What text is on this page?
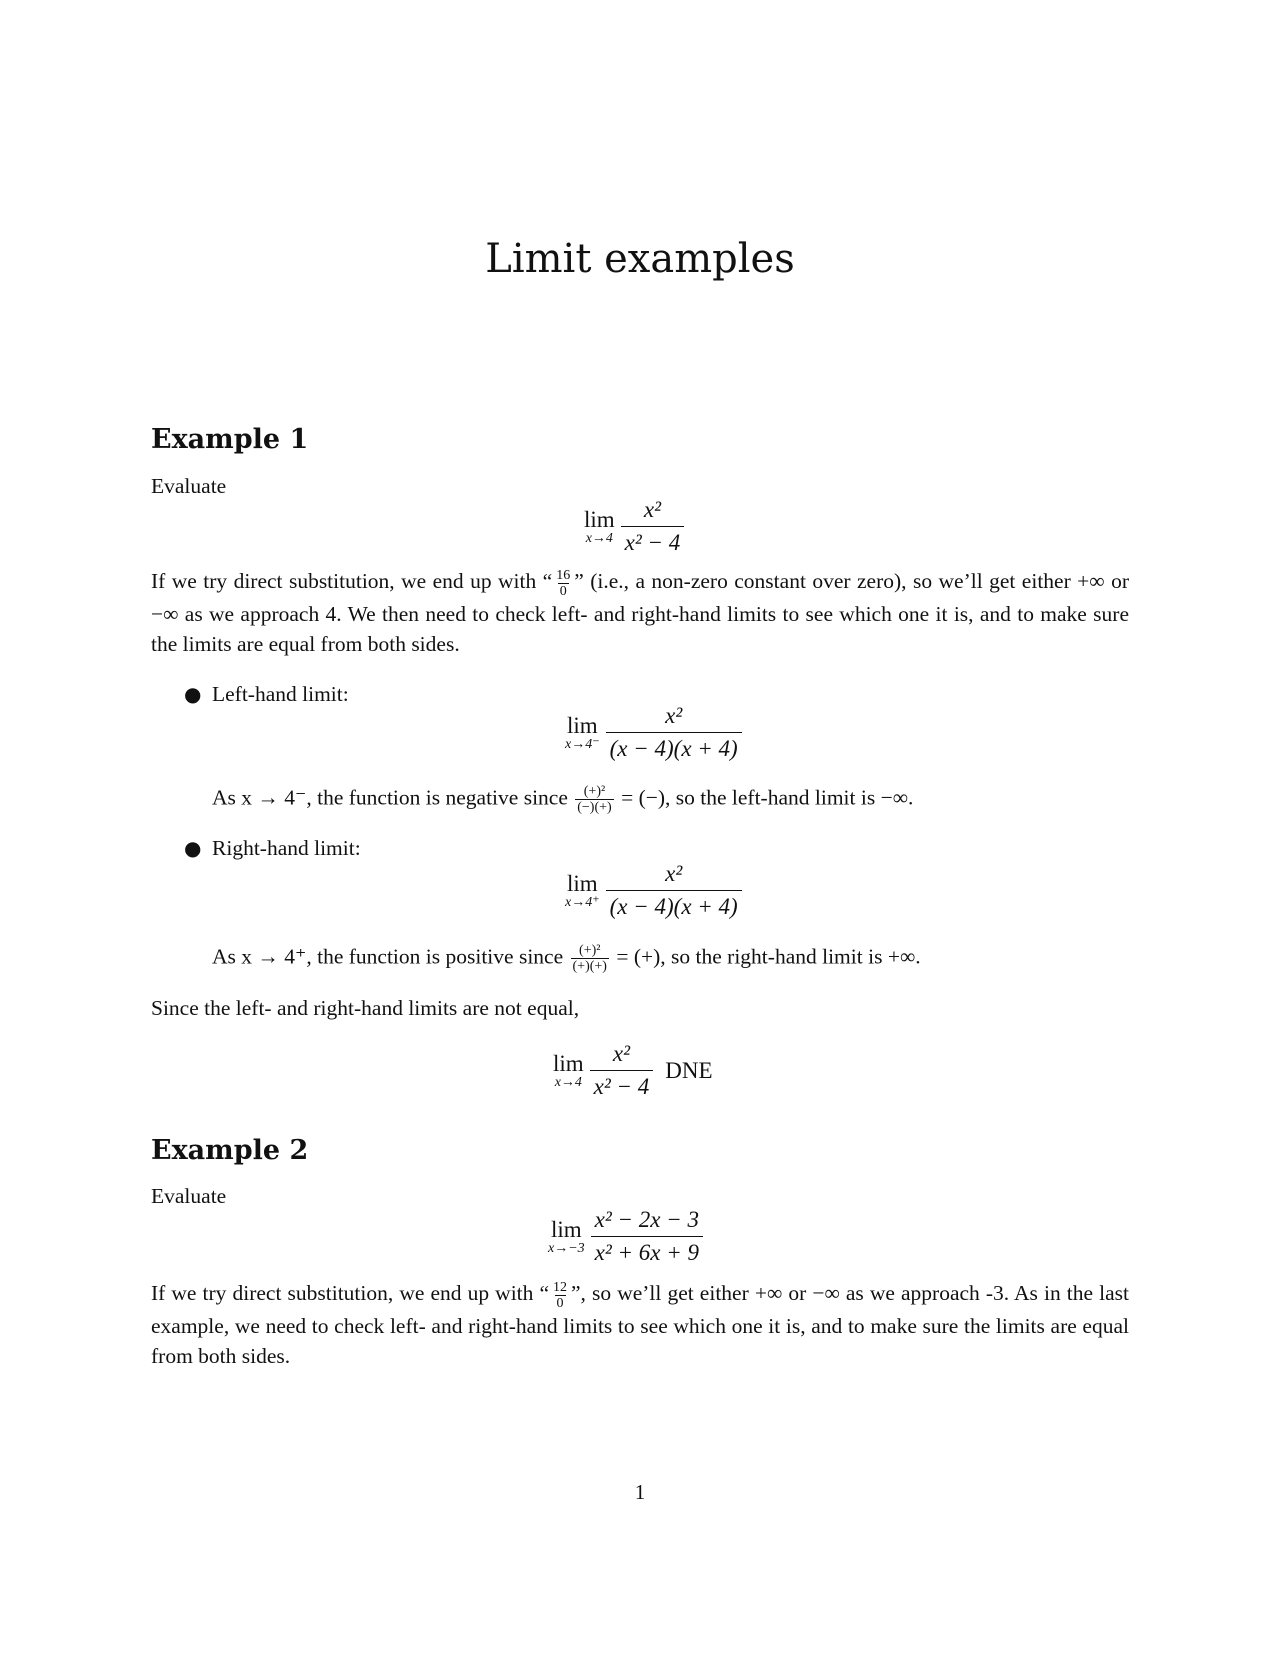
Limit examples
Example 1
Evaluate
lim
$x\to 4 \frac{\text{x²}}{\text{x² − 4}}$
If we try direct substitution, we end up with “ $\frac{16}{0}$ ” (i.e., a non-zero constant over zero), so we’ll get either +∞ or −∞ as we approach 4. We then need to check left- and right-hand limits to see which one it is, and to make sure the limits are equal from both sides.
● Left-hand limit:
lim
$x\to 4^- \frac{\text{x²}}{(x - 4)(x + 4)}$
As x → 4⁻, the function is negative since (+)²
(−)(+) = (−), so the left-hand limit is −∞.
● Right-hand limit:
lim
$x\to 4^+ \frac{\text{x²}}{(x - 4)(x + 4)}$
As x → 4⁺, the function is positive since (+)²
(+)(+) = (+), so the right-hand limit is +∞.
Since the left- and right-hand limits are not equal,
lim
$x\to 4 \frac{\text{x²}}{\text{x² − 4}}$ DNE
Example 2
Evaluate
lim
$x\to-3 \frac{\text{x² − 2x − 3}}{\text{x² + 6x + 9}}$
If we try direct substitution, we end up with “ $\frac{12}{0}$ ”, so we’ll get either +∞ or −∞ as we approach -3. As in the last example, we need to check left- and right-hand limits to see which one it is, and to make sure the limits are equal from both sides.
1
